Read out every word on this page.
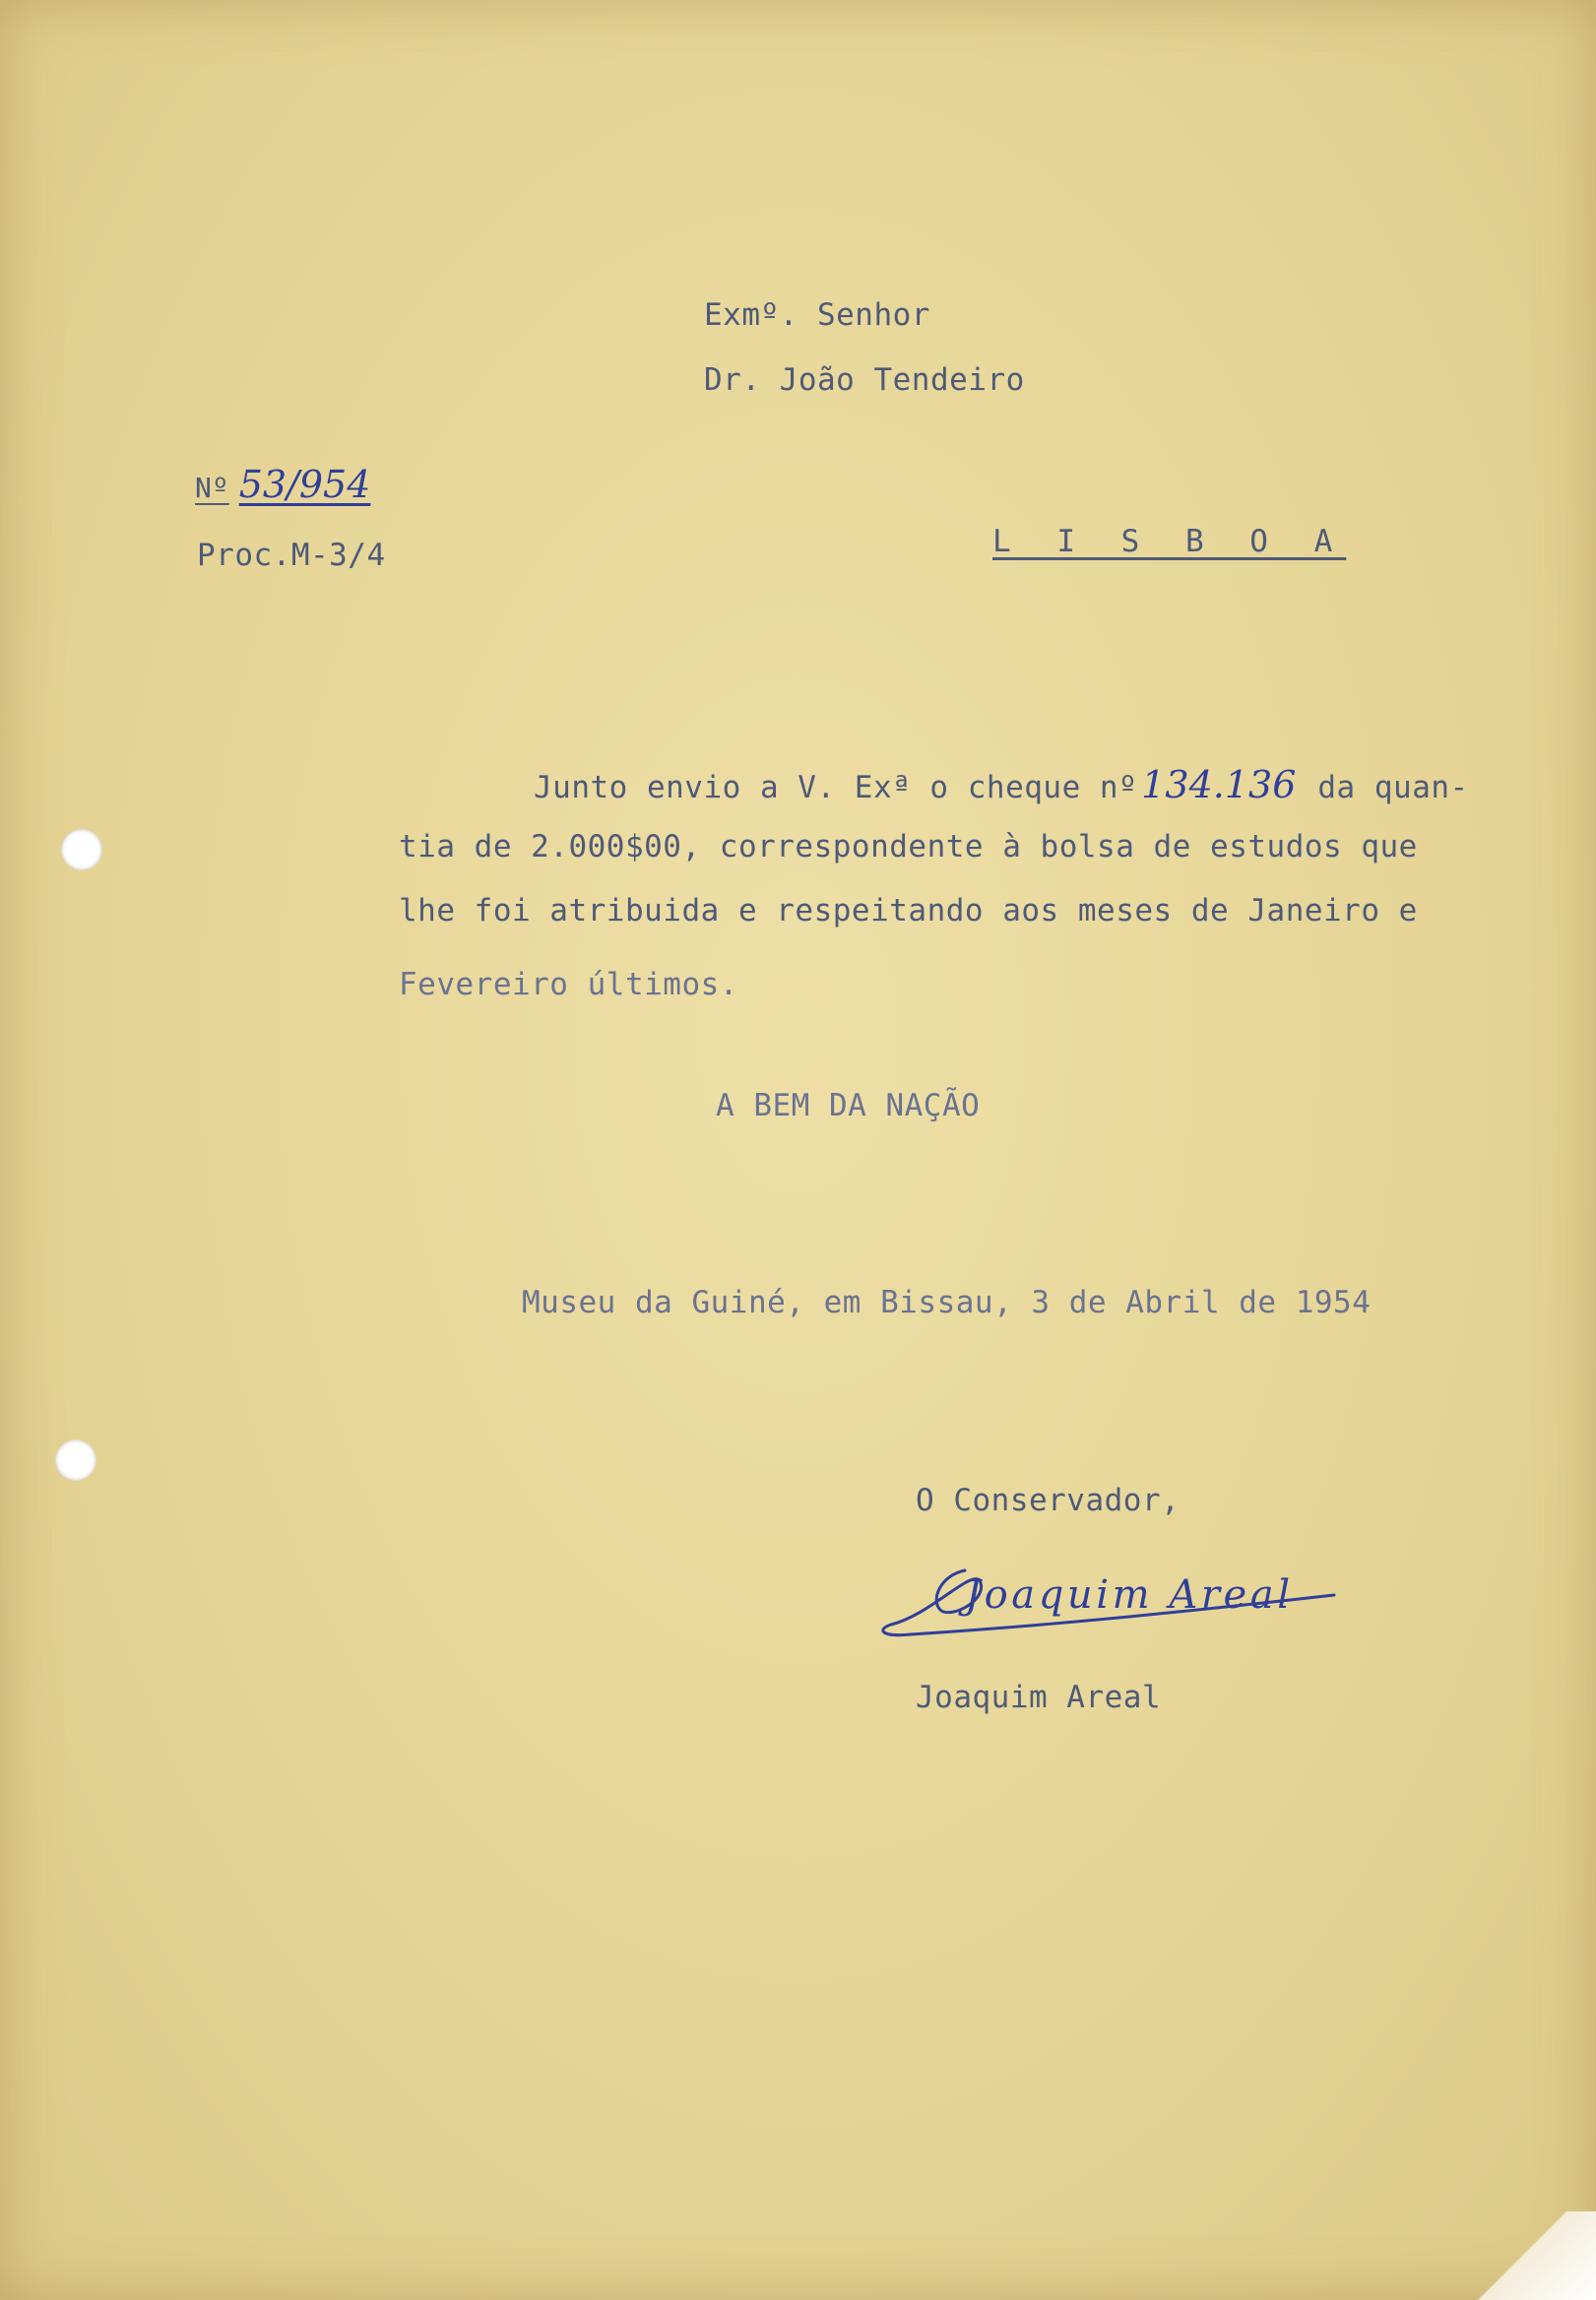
Exmº. Senhor
Dr. João Tendeiro
Nº 53/954
Proc.M-3/4	L I S B O A
Junto envio a V. Exª o cheque nº 134.136 da quan-
tia de 2.000$00, correspondente à bolsa de estudos que
lhe foi atribuida e respeitando aos meses de Janeiro e
Fevereiro últimos.
A BEM DA NAÇÃO
Museu da Guiné, em Bissau, 3 de Abril de 1954
O Conservador,
Joaquim Areal
Joaquim Areal
